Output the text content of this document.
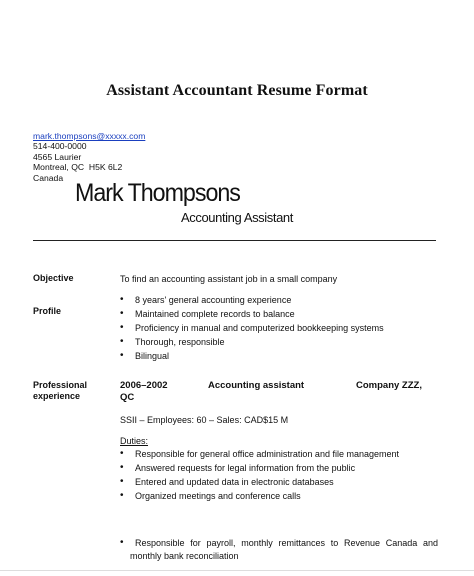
Assistant Accountant Resume Format
mark.thompsons@xxxxx.com
514-400-0000
4565 Laurier
Montreal, QC  H5K 6L2
Canada
Mark Thompsons
Accounting Assistant
Objective	To find an accounting assistant job in a small company
Profile
• 8 years' general accounting experience
• Maintained complete records to balance
• Proficiency in manual and computerized bookkeeping systems
• Thorough, responsible
• Bilingual
Professional
experience
2006–2002
QC
Accounting assistant	Company ZZZ,
SSII – Employees: 60 – Sales: CAD$15 M
Duties:
• Responsible for general office administration and file management
• Answered requests for legal information from the public
• Entered and updated data in electronic databases
• Organized meetings and conference calls
• Responsible for payroll, monthly remittances to Revenue Canada and
monthly bank reconciliation
